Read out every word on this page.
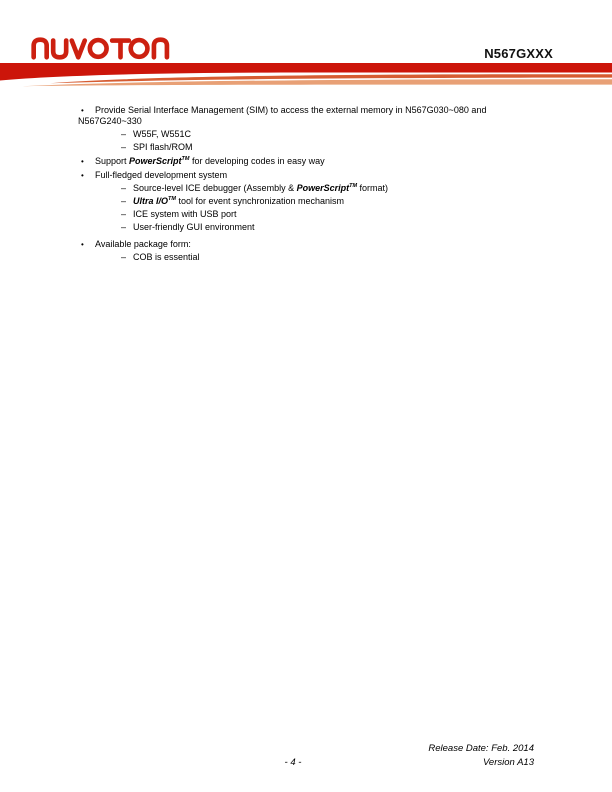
N567GXXX
•	Provide Serial Interface Management (SIM) to access the external memory in N567G030~080 and
N567G240~330
– W55F, W551C
– SPI flash/ROM
•	Support PowerScript™ for developing codes in easy way
•	Full-fledged development system
– Source-level ICE debugger (Assembly & PowerScript™ format)
– Ultra I/O™ tool for event synchronization mechanism
– ICE system with USB port
– User-friendly GUI environment
•	Available package form:
– COB is essential
Release Date: Feb. 2014
- 4 -	Version A13
